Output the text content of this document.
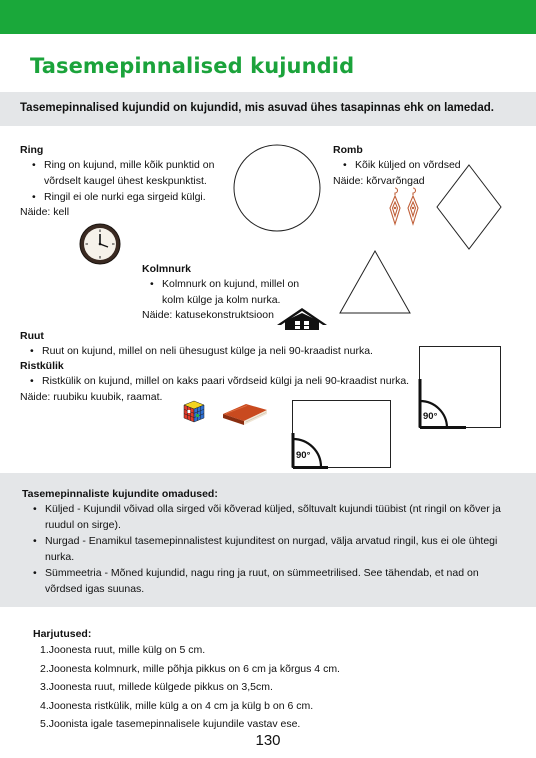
Tasemepinnalised kujundid
Tasemepinnalised kujundid on kujundid, mis asuvad ühes tasapinnas ehk on lamedad.
Ring
• Ring on kujund, mille kõik punktid on võrdselt kaugel ühest keskpunktist.
• Ringil ei ole nurki ega sirgeid külgi.
Näide: kell
Romb
• Kõik küljed on võrdsed
Näide: kõrvarõngad
Kolmnurk
• Kolmnurk on kujund, millel on kolm külge ja kolm nurka.
Näide: katusekonstruktsioon
Ruut
• Ruut on kujund, millel on neli ühesugust külge ja neli 90-kraadist nurka.
Ristkülik
• Ristkülik on kujund, millel on kaks paari võrdseid külgi ja neli 90-kraadist nurka.
Näide: ruubiku kuubik, raamat.
90°
90°
Tasemepinnaliste kujundite omadused:
• Küljed - Kujundil võivad olla sirged või kõverad küljed, sõltuvalt kujundi tüübist (nt ringil on kõver ja ruudul on sirge).
• Nurgad - Enamikul tasemepinnalistest kujunditest on nurgad, välja arvatud ringil, kus ei ole ühtegi nurka.
• Sümmeetria - Mõned kujundid, nagu ring ja ruut, on sümmeetrilised. See tähendab, et nad on võrdsed igas suunas.
Harjutused:
1.Joonesta ruut, mille külg on 5 cm.
2.Joonesta kolmnurk, mille põhja pikkus on 6 cm ja kõrgus 4 cm.
3.Joonesta ruut, millede külgede pikkus on 3,5cm.
4.Joonesta ristkülik, mille külg a on 4 cm ja külg b on 6 cm.
5.Joonista igale tasemepinnalisele kujundile vastav ese.
130
